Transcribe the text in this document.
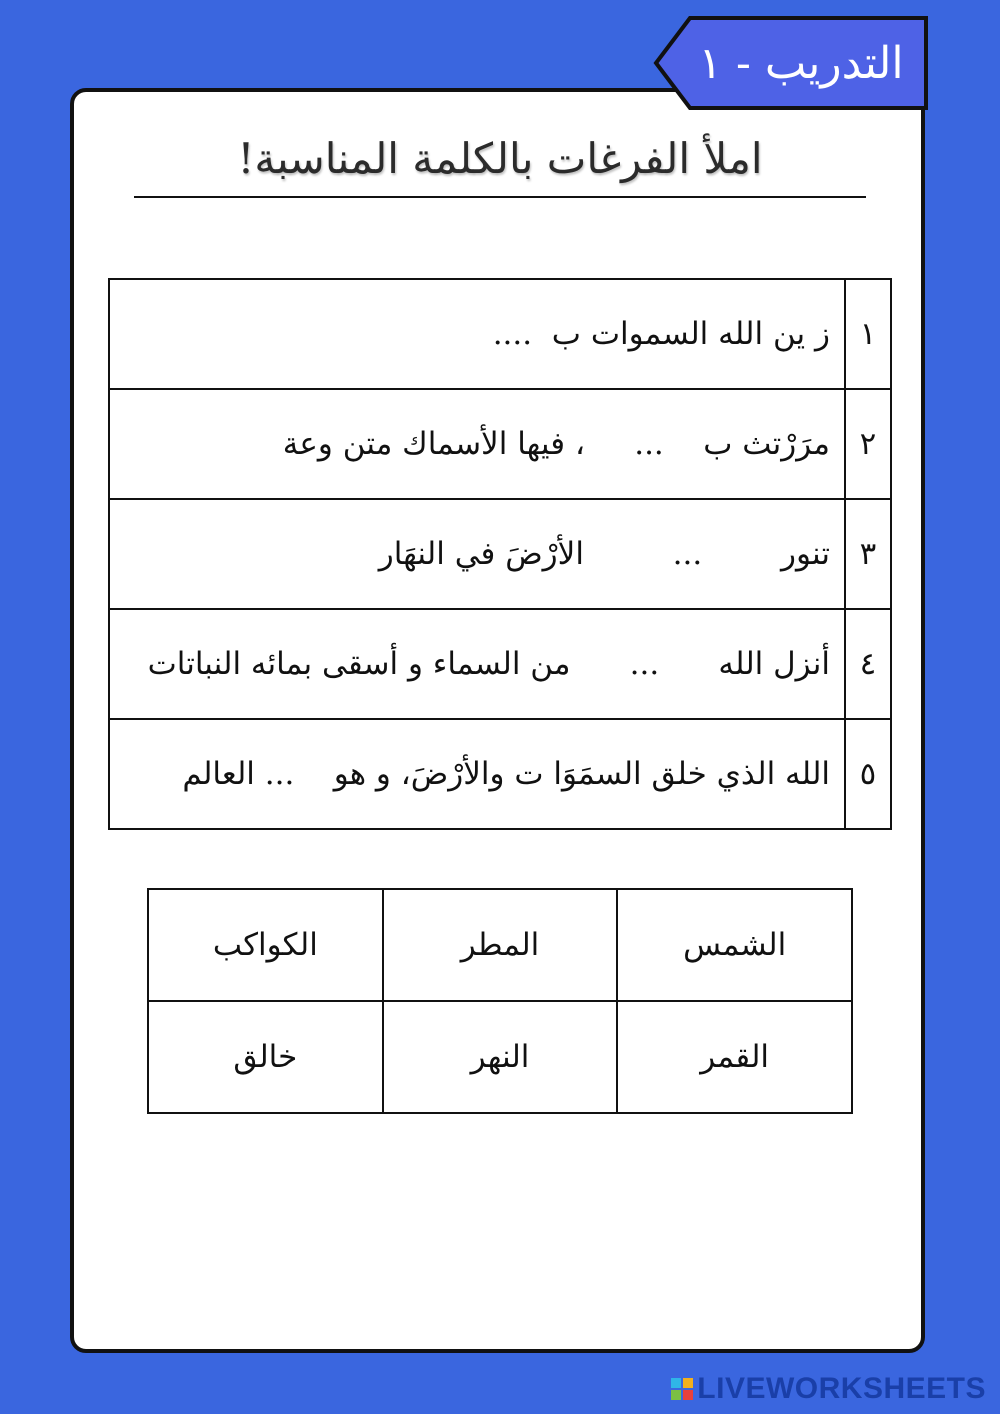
التدريب - ١
املأ الفرغات بالكلمة المناسبة!
١	ز ين الله السموات ب  ....
٢	مرَرْتث ب    ...     ، فيها الأسماك متن وعة
٣	تنور        ...         الأرْضَ في النهَار
٤	أنزل الله      ...      من السماء و أسقى بمائه النباتات
٥	الله الذي خلق السمَوَا ت والأرْضَ، و هو    ... العالم
الشمس	المطر	الكواكب
القمر	النهر	خالق
LIVEWORKSHEETS
